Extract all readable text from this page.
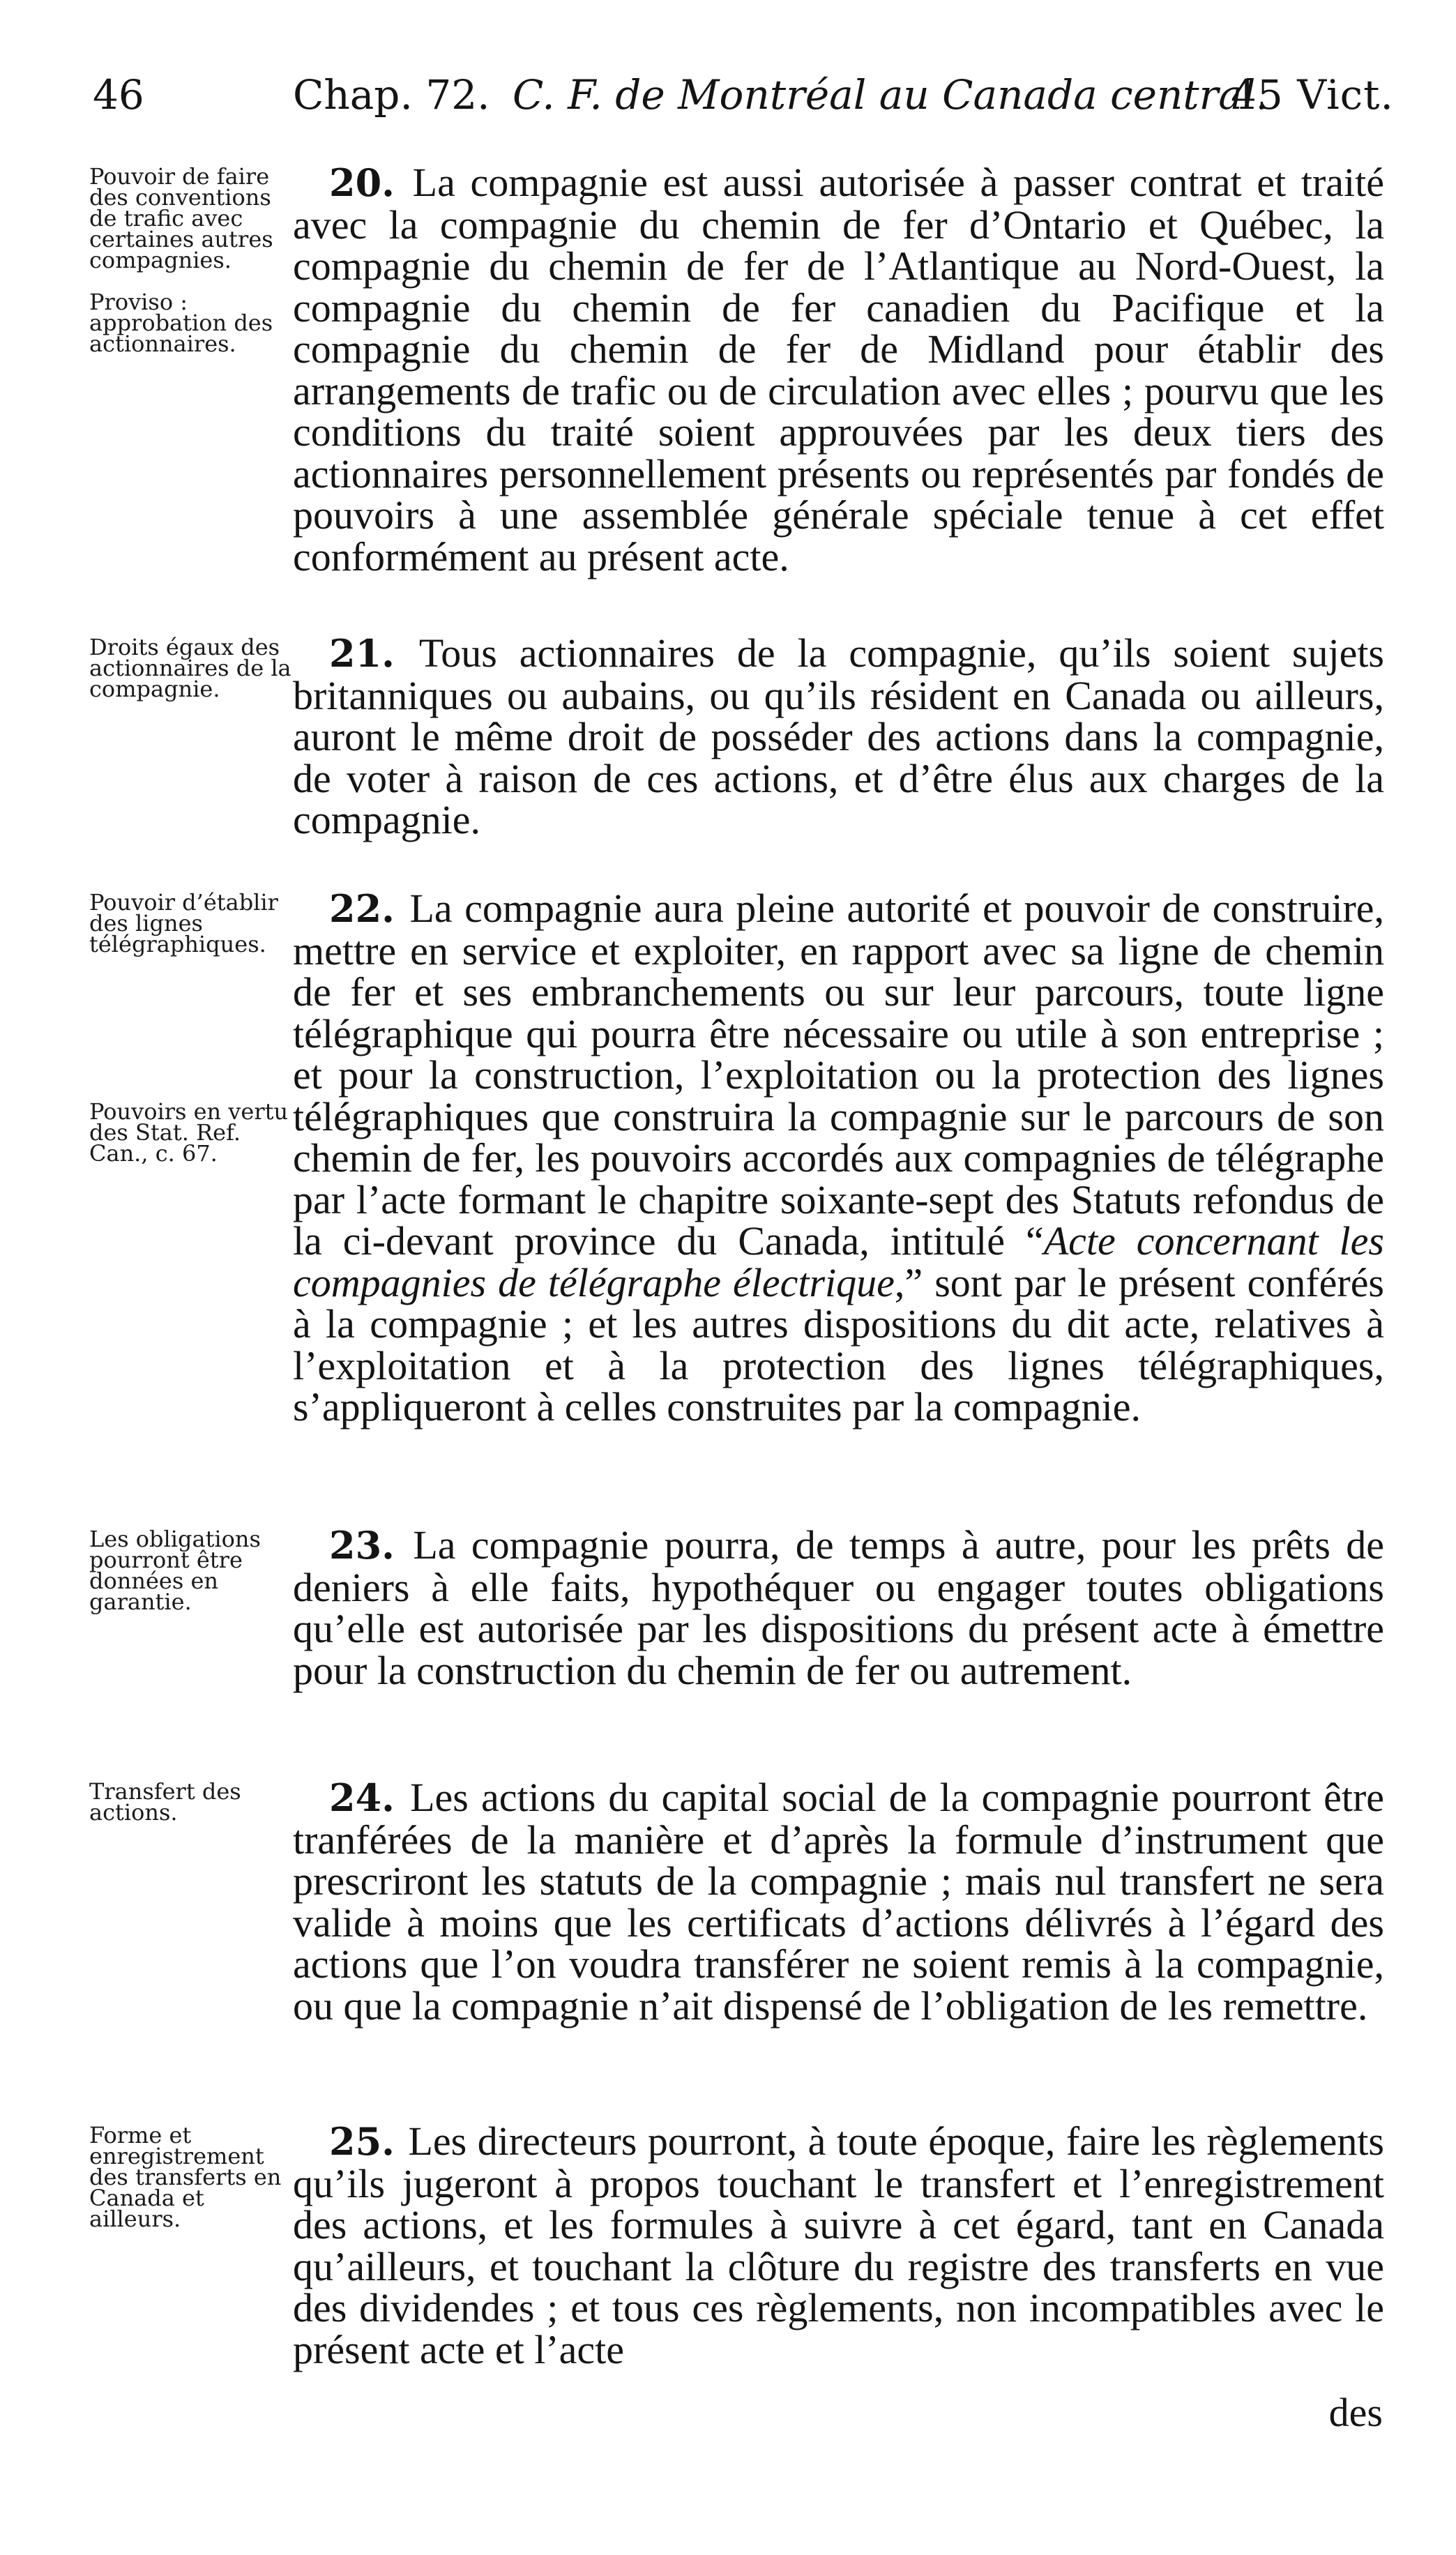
46	Chap. 72. C. F. de Montréal au Canada central.
45 Vict.

Pouvoir de faire des conventions de trafic avec certaines autres compagnies.

Proviso : approbation des actionnaires.

20. La compagnie est aussi autorisée à passer contrat et traité avec la compagnie du chemin de fer d’Ontario et Québec, la compagnie du chemin de fer de l’Atlantique au Nord-Ouest, la compagnie du chemin de fer canadien du Pacifique et la compagnie du chemin de fer de Midland pour établir des arrangements de trafic ou de circulation avec elles ; pourvu que les conditions du traité soient approuvées par les deux tiers des actionnaires personnellement présents ou représentés par fondés de pouvoirs à une assemblée générale spéciale tenue à cet effet conformément au présent acte.

Droits égaux des actionnaires de la compagnie.

21. Tous actionnaires de la compagnie, qu’ils soient sujets britanniques ou aubains, ou qu’ils résident en Canada ou ailleurs, auront le même droit de posséder des actions dans la compagnie, de voter à raison de ces actions, et d’être élus aux charges de la compagnie.

Pouvoir d’établir des lignes télégraphiques.

Pouvoirs en vertu des Stat. Ref. Can., c. 67.

22. La compagnie aura pleine autorité et pouvoir de construire, mettre en service et exploiter, en rapport avec sa ligne de chemin de fer et ses embranchements ou sur leur parcours, toute ligne télégraphique qui pourra être nécessaire ou utile à son entreprise ; et pour la construction, l’exploitation ou la protection des lignes télégraphiques que construira la compagnie sur le parcours de son chemin de fer, les pouvoirs accordés aux compagnies de télégraphe par l’acte formant le chapitre soixante-sept des Statuts refondus de la ci-devant province du Canada, intitulé “Acte concernant les compagnies de télégraphe électrique,” sont par le présent conférés à la compagnie ; et les autres dispositions du dit acte, relatives à l’exploitation et à la protection des lignes télégraphiques, s’appliqueront à celles construites par la compagnie.

Les obligations pourront être données en garantie.

23. La compagnie pourra, de temps à autre, pour les prêts de deniers à elle faits, hypothéquer ou engager toutes obligations qu’elle est autorisée par les dispositions du présent acte à émettre pour la construction du chemin de fer ou autrement.

Transfert des actions.	24. Les actions du capital social de la compagnie pourront être tranférées de la manière et d’après la formule d’instrument que prescriront les statuts de la compagnie ; mais nul transfert ne sera valide à moins que les certificats d’actions délivrés à l’égard des actions que l’on voudra transférer ne soient remis à la compagnie, ou que la compagnie n’ait dispensé de l’obligation de les remettre.

Forme et enregistrement des transferts en Canada et ailleurs.

25. Les directeurs pourront, à toute époque, faire les règlements qu’ils jugeront à propos touchant le transfert et l’enregistrement des actions, et les formules à suivre à cet égard, tant en Canada qu’ailleurs, et touchant la clôture du registre des transferts en vue des dividendes ; et tous ces règlements, non incompatibles avec le présent acte et l’acte
des
